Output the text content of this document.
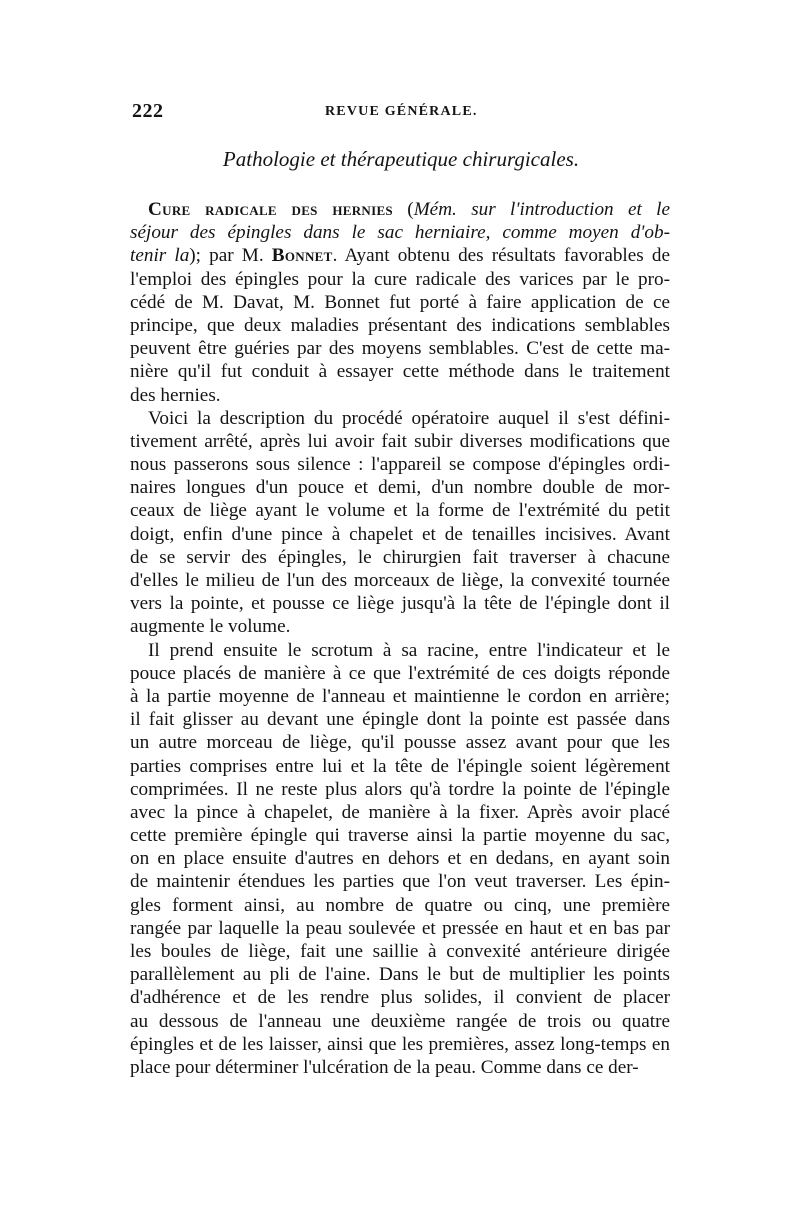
222	REVUE GÉNÉRALE.
Pathologie et thérapeutique chirurgicales.
Cure radicale des hernies (Mém. sur l'introduction et le
séjour des épingles dans le sac herniaire, comme moyen d'ob-
tenir la); par M. Bonnet. Ayant obtenu des résultats favorables de
l'emploi des épingles pour la cure radicale des varices par le pro-
cédé de M. Davat, M. Bonnet fut porté à faire application de ce
principe, que deux maladies présentant des indications semblables
peuvent être guéries par des moyens semblables. C'est de cette ma-
nière qu'il fut conduit à essayer cette méthode dans le traitement
des hernies.
Voici la description du procédé opératoire auquel il s'est défini-
tivement arrêté, après lui avoir fait subir diverses modifications que
nous passerons sous silence : l'appareil se compose d'épingles ordi-
naires longues d'un pouce et demi, d'un nombre double de mor-
ceaux de liège ayant le volume et la forme de l'extrémité du petit
doigt, enfin d'une pince à chapelet et de tenailles incisives. Avant
de se servir des épingles, le chirurgien fait traverser à chacune
d'elles le milieu de l'un des morceaux de liège, la convexité tournée
vers la pointe, et pousse ce liège jusqu'à la tête de l'épingle dont il
augmente le volume.
Il prend ensuite le scrotum à sa racine, entre l'indicateur et le
pouce placés de manière à ce que l'extrémité de ces doigts réponde
à la partie moyenne de l'anneau et maintienne le cordon en arrière;
il fait glisser au devant une épingle dont la pointe est passée dans
un autre morceau de liège, qu'il pousse assez avant pour que les
parties comprises entre lui et la tête de l'épingle soient légèrement
comprimées. Il ne reste plus alors qu'à tordre la pointe de l'épingle
avec la pince à chapelet, de manière à la fixer. Après avoir placé
cette première épingle qui traverse ainsi la partie moyenne du sac,
on en place ensuite d'autres en dehors et en dedans, en ayant soin
de maintenir étendues les parties que l'on veut traverser. Les épin-
gles forment ainsi, au nombre de quatre ou cinq, une première
rangée par laquelle la peau soulevée et pressée en haut et en bas par
les boules de liège, fait une saillie à convexité antérieure dirigée
parallèlement au pli de l'aine. Dans le but de multiplier les points
d'adhérence et de les rendre plus solides, il convient de placer
au dessous de l'anneau une deuxième rangée de trois ou quatre
épingles et de les laisser, ainsi que les premières, assez long-temps en
place pour déterminer l'ulcération de la peau. Comme dans ce der-
